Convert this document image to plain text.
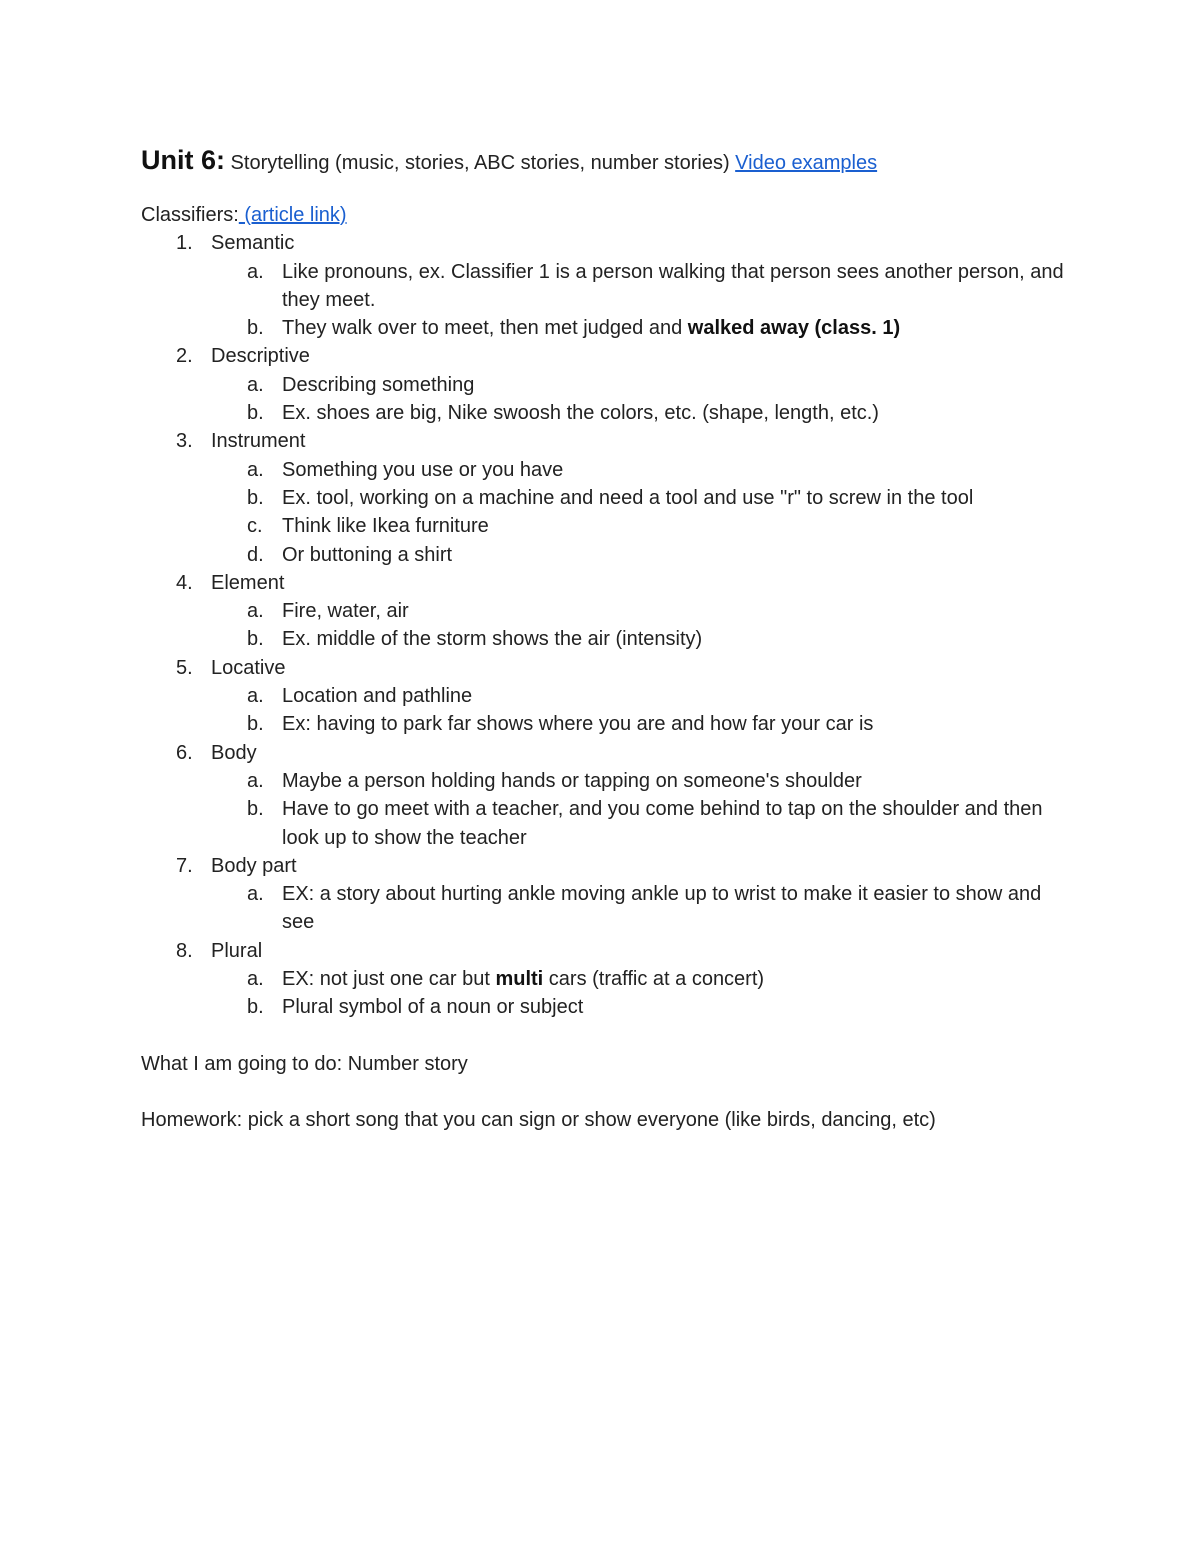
Unit 6: Storytelling (music, stories, ABC stories, number stories) Video examples
Classifiers: (article link)
1. Semantic
a. Like pronouns, ex. Classifier 1 is a person walking that person sees another person, and they meet.
b. They walk over to meet, then met judged and walked away (class. 1)
2. Descriptive
a. Describing something
b. Ex. shoes are big, Nike swoosh the colors, etc. (shape, length, etc.)
3. Instrument
a. Something you use or you have
b. Ex. tool, working on a machine and need a tool and use "r" to screw in the tool
c. Think like Ikea furniture
d. Or buttoning a shirt
4. Element
a. Fire, water, air
b. Ex. middle of the storm shows the air (intensity)
5. Locative
a. Location and pathline
b. Ex: having to park far shows where you are and how far your car is
6. Body
a. Maybe a person holding hands or tapping on someone's shoulder
b. Have to go meet with a teacher, and you come behind to tap on the shoulder and then look up to show the teacher
7. Body part
a. EX: a story about hurting ankle moving ankle up to wrist to make it easier to show and see
8. Plural
a. EX: not just one car but multi cars (traffic at a concert)
b. Plural symbol of a noun or subject
What I am going to do: Number story
Homework: pick a short song that you can sign or show everyone (like birds, dancing, etc)
